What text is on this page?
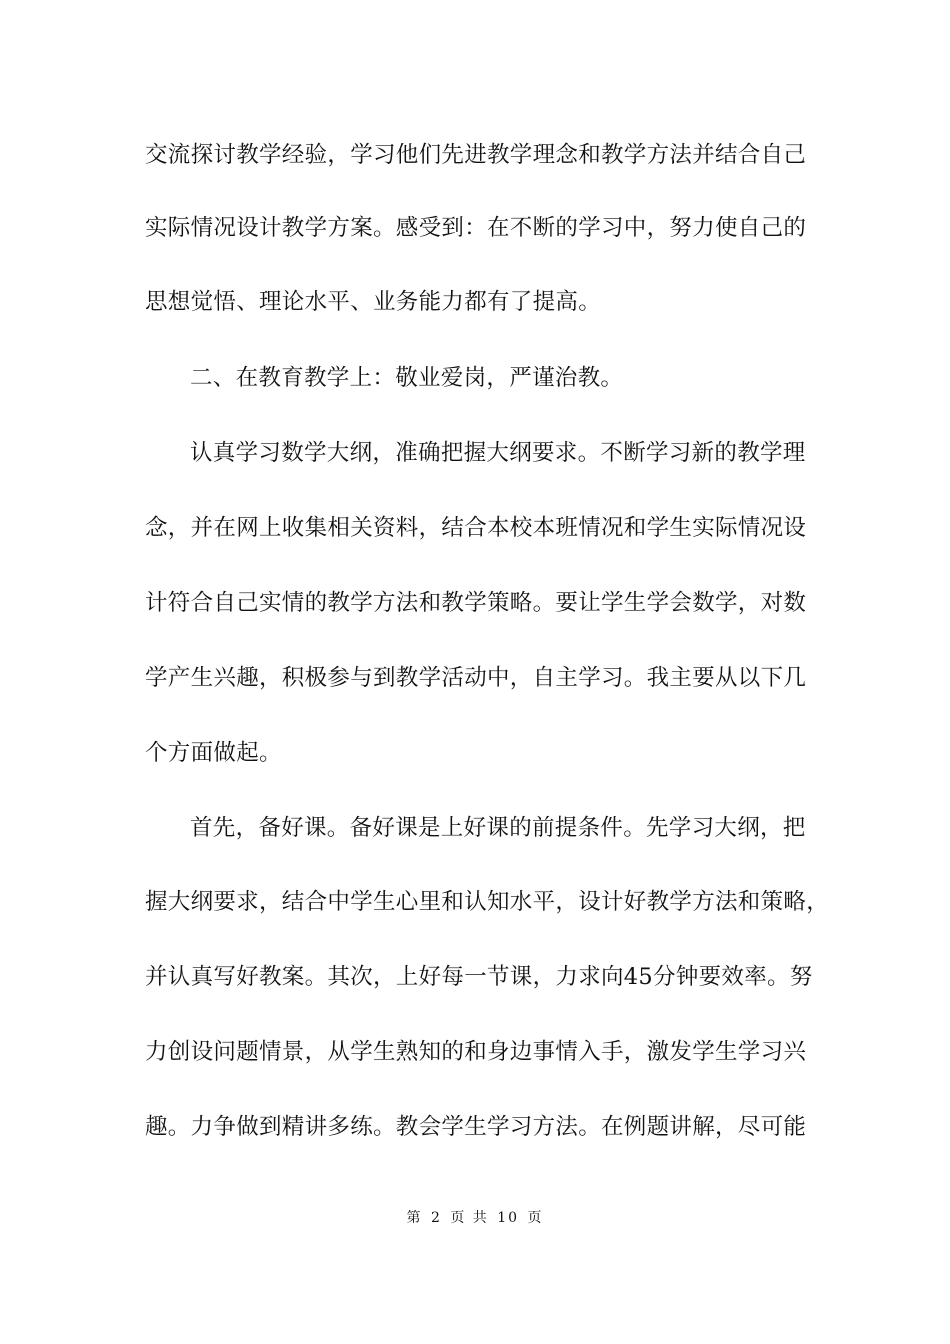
交流探讨教学经验，学习他们先进教学理念和教学方法并结合自己
实际情况设计教学方案。感受到：在不断的学习中，努力使自己的
思想觉悟、理论水平、业务能力都有了提高。
二、在教育教学上：敬业爱岗，严谨治教。
认真学习数学大纲，准确把握大纲要求。不断学习新的教学理
念，并在网上收集相关资料，结合本校本班情况和学生实际情况设
计符合自己实情的教学方法和教学策略。要让学生学会数学，对数
学产生兴趣，积极参与到教学活动中，自主学习。我主要从以下几
个方面做起。
首先，备好课。备好课是上好课的前提条件。先学习大纲，把
握大纲要求，结合中学生心里和认知水平，设计好教学方法和策略，
并认真写好教案。其次，上好每一节课，力求向45分钟要效率。努
力创设问题情景，从学生熟知的和身边事情入手，激发学生学习兴
趣。力争做到精讲多练。教会学生学习方法。在例题讲解，尽可能
第 2 页 共 10 页
